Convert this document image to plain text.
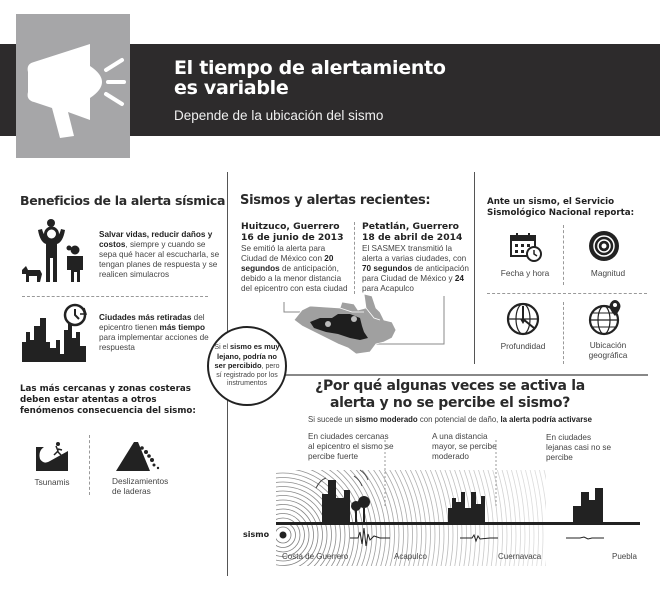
El tiempo de alertamiento
es variable
Depende de la ubicación del sismo
Beneficios de la alerta sísmica
Salvar vidas, reducir daños y costos, siempre y cuando se sepa qué hacer al escucharla, se tengan planes de respuesta y se realicen simulacros
Ciudades más retiradas del epicentro tienen más tiempo para implementar acciones de respuesta
Las más cercanas y zonas costeras deben estar atentas a otros fenómenos consecuencia del sismo:
Tsunamis	Deslizamientos
de laderas
Sismos y alertas recientes:
Huitzuco, Guerrero
16 de junio de 2013
Se emitió la alerta para Ciudad de México con 20 segundos de anticipación, debido a la menor distancia del epicentro con esta ciudad
Petatlán, Guerrero
18 de abril de 2014
El SASMEX transmitió la alerta a varias ciudades, con 70 segundos de anticipación para Ciudad de México y 24 para Acapulco
Ante un sismo, el Servicio Sismológico Nacional reporta:
Fecha y hora	Magnitud
Profundidad	Ubicación
geográfica
Si el sismo es muy lejano, podría no ser percibido, pero sí registrado por los instrumentos	¿Por qué algunas veces se activa la
alerta y no se percibe el sismo?
Si sucede un sismo moderado con potencial de daño, la alerta podría activarse
En ciudades cercanas al epicentro el sismo se percibe fuerte
A una distancia mayor, se percibe moderado
En ciudades lejanas casi no se percibe
sismo
Costa de Guerrero	Acapulco	Cuernavaca	Puebla
